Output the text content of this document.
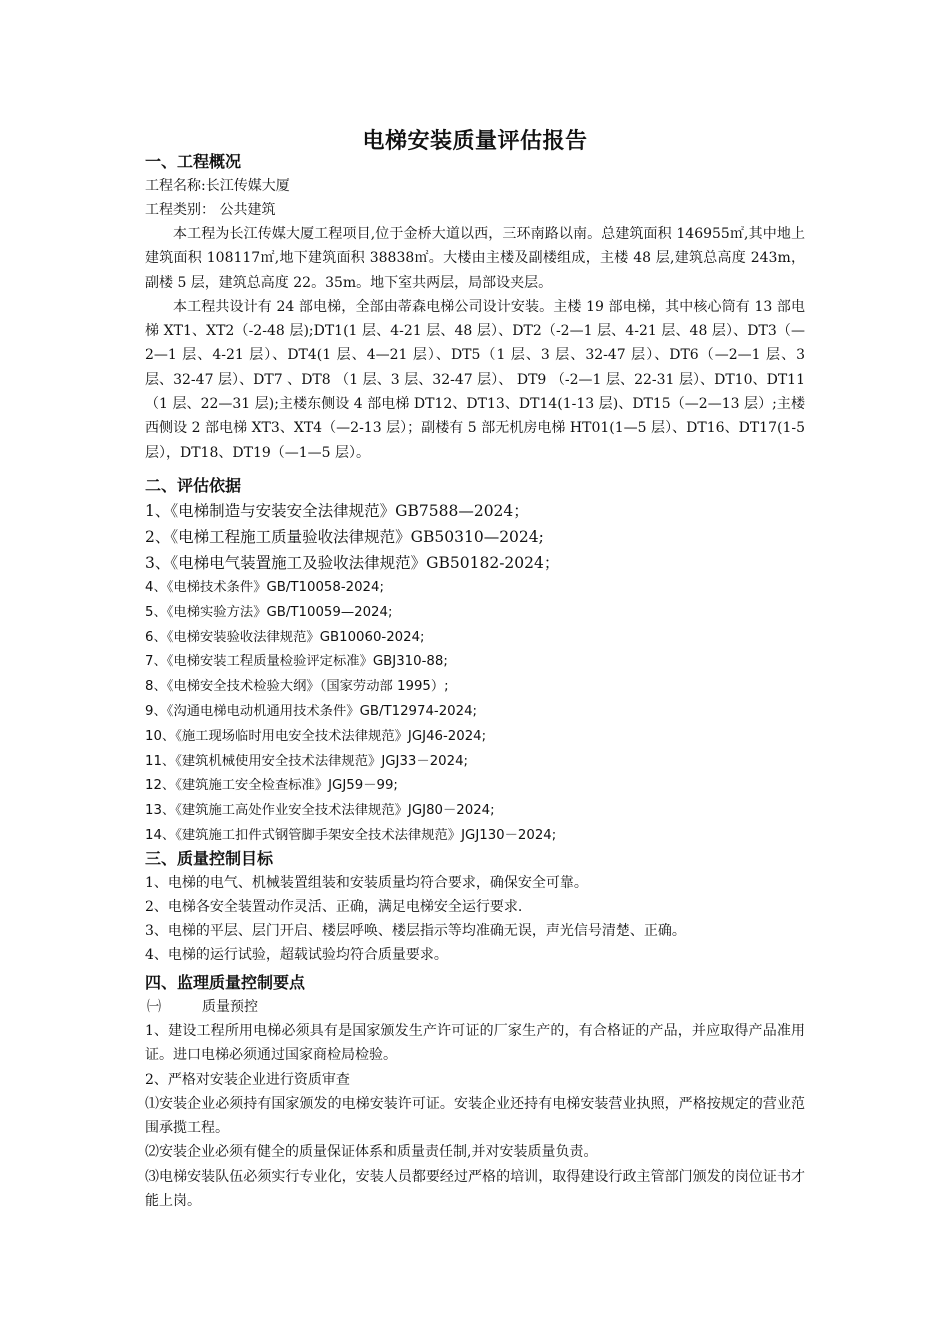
电梯安装质量评估报告
一、工程概况
工程名称:长江传媒大厦
工程类别： 公共建筑
本工程为长江传媒大厦工程项目,位于金桥大道以西，三环南路以南。总建筑面积 146955㎡,其中地上建筑面积 108117㎡,地下建筑面积 38838㎡。大楼由主楼及副楼组成，主楼 48 层,建筑总高度 243m，副楼 5 层，建筑总高度 22。35m。地下室共两层，局部设夹层。
本工程共设计有 24 部电梯，全部由蒂森电梯公司设计安装。主楼 19 部电梯，其中核心筒有 13 部电梯 XT1、XT2（-2-48 层);DT1(1 层、4-21 层、48 层）、DT2（-2—1 层、4-21 层、48 层）、DT3（—2—1 层、4-21 层）、DT4(1 层、4—21 层）、DT5（1 层、3 层、32-47 层）、DT6（—2—1 层、3 层、32-47 层）、DT7 、DT8 （1 层、3 层、32-47 层）、 DT9 （-2—1 层、22-31 层）、DT10、DT11 （1 层、22—31 层);主楼东侧设 4 部电梯 DT12、DT13、DT14(1-13 层)、DT15（—2—13 层）;主楼西侧设 2 部电梯 XT3、XT4（—2-13 层）；副楼有 5 部无机房电梯 HT01(1—5 层）、DT16、DT17(1-5 层），DT18、DT19（—1—5 层）。
二、评估依据
1、《电梯制造与安装安全法律规范》GB7588—2024；
2、《电梯工程施工质量验收法律规范》GB50310—2024;
3、《电梯电气装置施工及验收法律规范》GB50182-2024；
4、《电梯技术条件》GB/T10058-2024;
5、《电梯实验方法》GB/T10059—2024;
6、《电梯安装验收法律规范》GB10060-2024;
7、《电梯安装工程质量检验评定标准》GBJ310-88;
8、《电梯安全技术检验大纲》（国家劳动部 1995）;
9、《沟通电梯电动机通用技术条件》GB/T12974-2024;
10、《施工现场临时用电安全技术法律规范》JGJ46-2024;
11、《建筑机械使用安全技术法律规范》JGJ33－2024;
12、《建筑施工安全检查标准》JGJ59－99;
13、《建筑施工高处作业安全技术法律规范》JGJ80－2024;
14、《建筑施工扣件式钢管脚手架安全技术法律规范》JGJ130－2024;
三、质量控制目标
1、电梯的电气、机械装置组装和安装质量均符合要求，确保安全可靠。
2、电梯各安全装置动作灵活、正确，满足电梯安全运行要求.
3、电梯的平层、层门开启、楼层呼唤、楼层指示等均准确无误，声光信号清楚、正确。
4、电梯的运行试验，超载试验均符合质量要求。
四、监理质量控制要点
㈠	质量预控
1、建设工程所用电梯必须具有是国家颁发生产许可证的厂家生产的，有合格证的产品，并应取得产品准用证。进口电梯必须通过国家商检局检验。
2、严格对安装企业进行资质审查
⑴安装企业必须持有国家颁发的电梯安装许可证。安装企业还持有电梯安装营业执照，严格按规定的营业范围承揽工程。
⑵安装企业必须有健全的质量保证体系和质量责任制,并对安装质量负责。
⑶电梯安装队伍必须实行专业化，安装人员都要经过严格的培训，取得建设行政主管部门颁发的岗位证书才能上岗。
